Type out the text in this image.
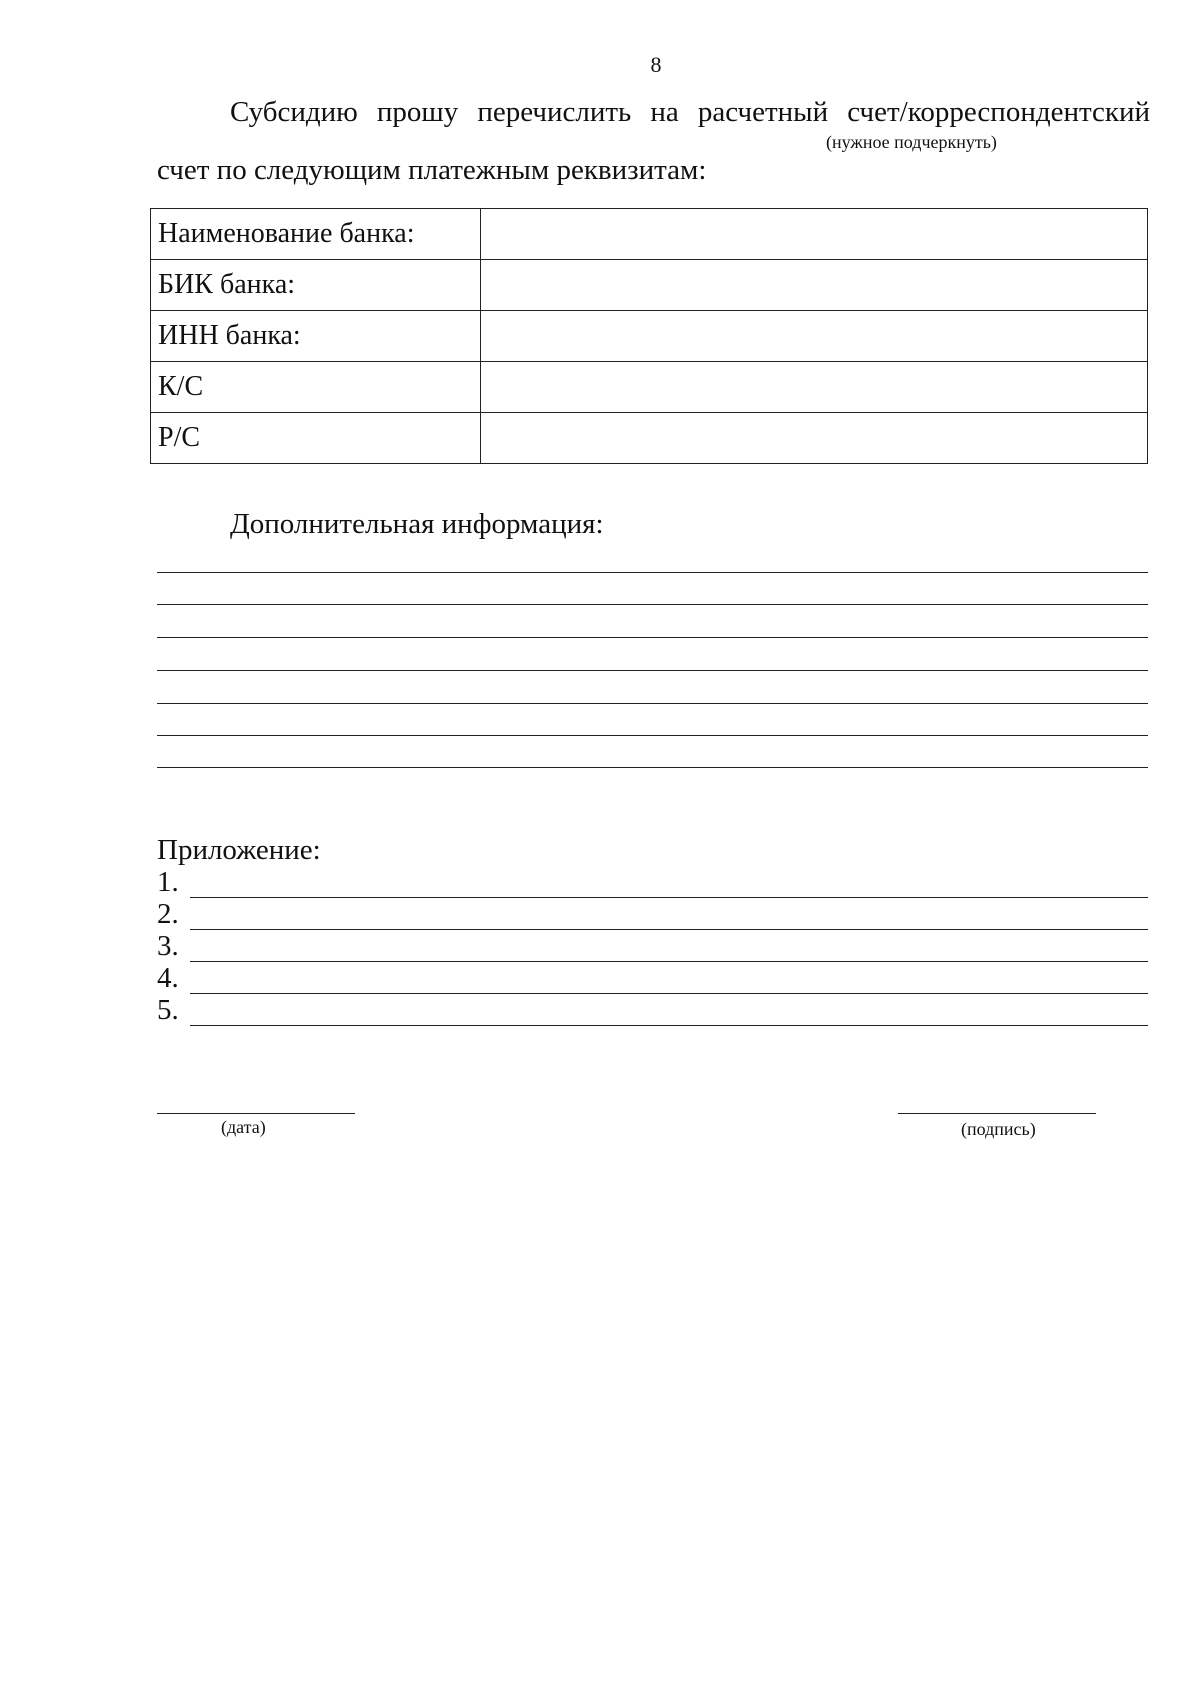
8
Субсидию прошу перечислить на расчетный счет/корреспондентский
(нужное подчеркнуть)
счет по следующим платежным реквизитам:
Наименование банка:	
БИК банка:	
ИНН банка:	
К/С	
Р/С	
Дополнительная информация:
Приложение:
1.
2.
3.
4.
5.
(дата)	(подпись)
